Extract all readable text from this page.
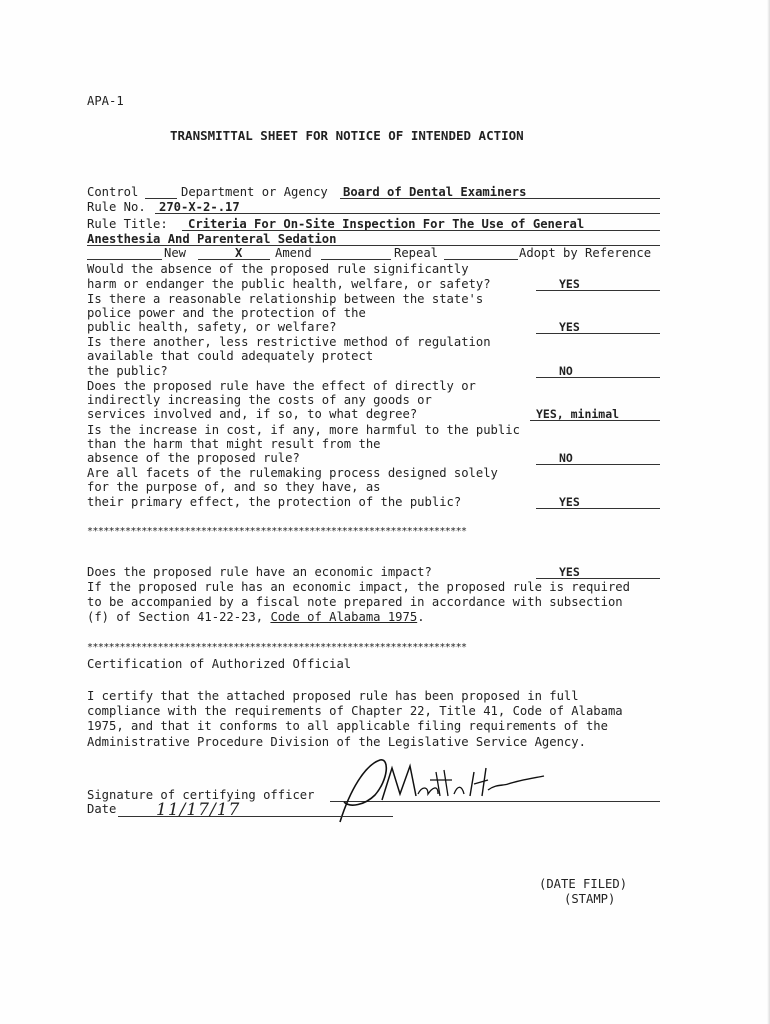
APA-1
TRANSMITTAL SHEET FOR NOTICE OF INTENDED ACTION
Control	Department or Agency Board of Dental Examiners
Rule No. 270-X-2-.17
Rule Title: Criteria For On-Site Inspection For The Use of General
Anesthesia And Parenteral Sedation
New	X	Amend	Repeal	Adopt by Reference
Would the absence of the proposed rule significantly
harm or endanger the public health, welfare, or safety?	YES
Is there a reasonable relationship between the state's
police power and the protection of the
public health, safety, or welfare?	YES
Is there another, less restrictive method of regulation
available that could adequately protect
the public?	NO
Does the proposed rule have the effect of directly or
indirectly increasing the costs of any goods or
services involved and, if so, to what degree?	YES, minimal
Is the increase in cost, if any, more harmful to the public
than the harm that might result from the
absence of the proposed rule?	NO
Are all facets of the rulemaking process designed solely
for the purpose of, and so they have, as
their primary effect, the protection of the public?	YES
**********************************************************************
Does the proposed rule have an economic impact?	YES
If the proposed rule has an economic impact, the proposed rule is required
to be accompanied by a fiscal note prepared in accordance with subsection
(f) of Section 41-22-23, Code of Alabama 1975.
**********************************************************************
Certification of Authorized Official
I certify that the attached proposed rule has been proposed in full
compliance with the requirements of Chapter 22, Title 41, Code of Alabama
1975, and that it conforms to all applicable filing requirements of the
Administrative Procedure Division of the Legislative Service Agency.
Signature of certifying officer
Date 11/17/17
(DATE FILED)
(STAMP)
